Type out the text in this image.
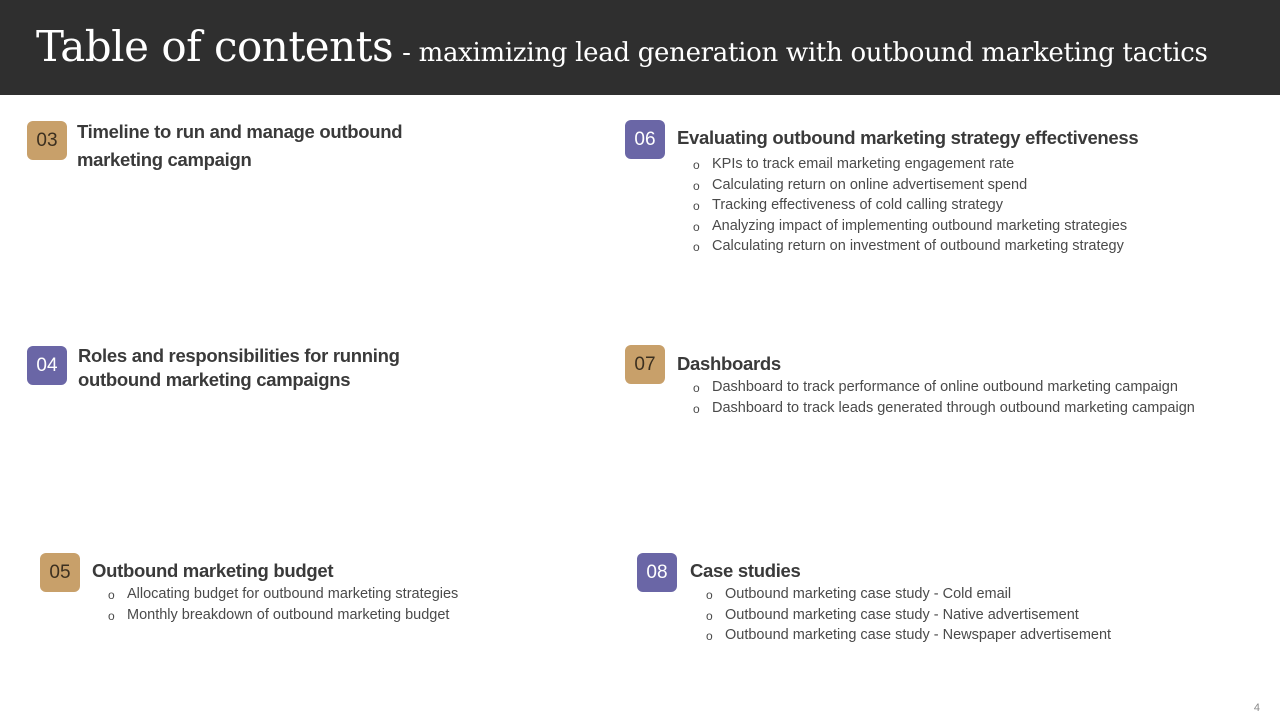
Table of contents - maximizing lead generation with outbound marketing tactics
03	Timeline to run and manage outbound marketing campaign
04	Roles and responsibilities for running outbound marketing campaigns
05	Outbound marketing budget
o Allocating budget for outbound marketing strategies
o Monthly breakdown of outbound marketing budget
06	Evaluating outbound marketing strategy effectiveness
o KPIs to track email marketing engagement rate
o Calculating return on online advertisement spend
o Tracking effectiveness of cold calling strategy
o Analyzing impact of implementing outbound marketing strategies
o Calculating return on investment of outbound marketing strategy
07	Dashboards
o Dashboard to track performance of online outbound marketing campaign
o Dashboard to track leads generated through outbound marketing campaign
08	Case studies
o Outbound marketing case study - Cold email
o Outbound marketing case study - Native advertisement
o Outbound marketing case study - Newspaper advertisement
4
